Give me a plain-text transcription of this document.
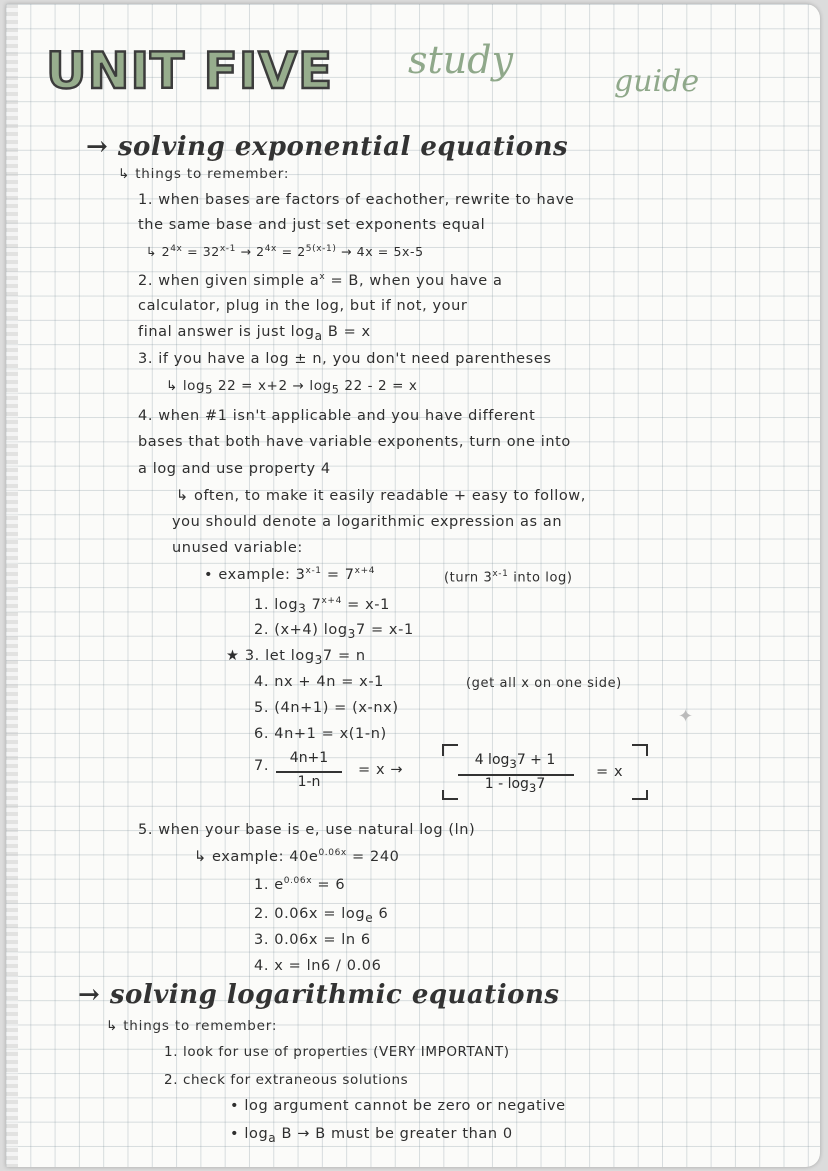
UNIT FIVE study	guide
→ solving exponential equations
↳ things to remember:
1. when bases are factors of eachother, rewrite to have
the same base and just set exponents equal
↳ $2^{4x} = 32^{x-1} \to 2^{4x} = 2^{5(x-1)} \to 4x = 5x-5$
2. when given simple $a^x = B$, when you have a
calculator, plug in the log, but if not, your
final answer is just $\log_a B = x$
3. if you have a log ± n, you don't need parentheses
↳ $\log_5 22 = x+2 \to \log_5 22 - 2 = x$
4. when #1 isn't applicable and you have different
bases that both have variable exponents, turn one into
a log and use property 4
↳ often, to make it easily readable + easy to follow,
you should denote a logarithmic expression as an
unused variable:
• example: $3^{x-1} = 7^{x+4}$	(turn 3$^{x-1}$ into log)
1. $\log_3 7^{x+4} = x-1$
2. (x+4) $\log_37 = x-1$
★ 3. let $\log_37 = n$
4. nx + 4n = x-1	(get all x on one side)
✦
5. (4n+1) = (x-nx)
6. 4n+1 = x(1-n)
7.	4n+1
1-n
= x →
4 $\log_37 + 1$
$1 - \log_37$
= x
5. when your base is e, use natural log (ln)
↳ example: $40e^{0.06x} = 240$
1. $e^{0.06x} = 6$
2. $0.06x = \log_e 6$
3. 0.06x = ln 6
4. x = ln6 / 0.06
→ solving logarithmic equations
↳ things to remember:
1. look for use of properties (VERY IMPORTANT)
2. check for extraneous solutions
• log argument cannot be zero or negative
• $\log_a B \to B$ must be greater than 0
